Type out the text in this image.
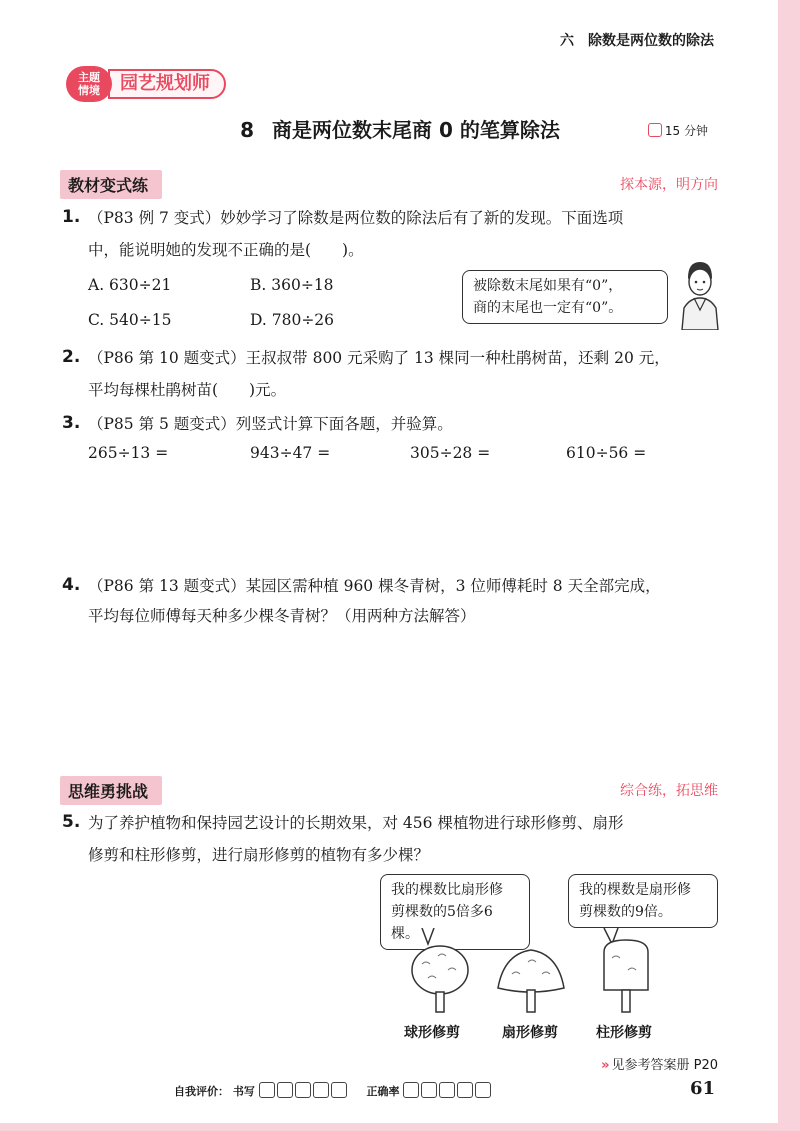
六 除数是两位数的除法
园艺规划师
主题
情境
8 商是两位数末尾商 0 的笔算除法	15 分钟
教材变式练	探本源，明方向
1. （P83 例 7 变式）妙妙学习了除数是两位数的除法后有了新的发现。下面选项
中，能说明她的发现不正确的是(　　)。
A. 630÷21	B. 360÷18
C. 540÷15	D. 780÷26
被除数末尾如果有“0”，
商的末尾也一定有“0”。
2. （P86 第 10 题变式）王叔叔带 800 元采购了 13 棵同一种杜鹃树苗，还剩 20 元，
平均每棵杜鹃树苗(　　)元。
3. （P85 第 5 题变式）列竖式计算下面各题，并验算。
265÷13 =	943÷47 =	305÷28 =	610÷56 =
4. （P86 第 13 题变式）某园区需种植 960 棵冬青树，3 位师傅耗时 8 天全部完成，
平均每位师傅每天种多少棵冬青树？（用两种方法解答）
思维勇挑战	综合练，拓思维
5. 为了养护植物和保持园艺设计的长期效果，对 456 棵植物进行球形修剪、扇形
修剪和柱形修剪，进行扇形修剪的植物有多少棵？
我的棵数比扇形修
剪棵数的5倍多6棵。
我的棵数是扇形修
剪棵数的9倍。
球形修剪	扇形修剪	柱形修剪
» 见参考答案册 P20
自我评价： 书写	正确率	61
